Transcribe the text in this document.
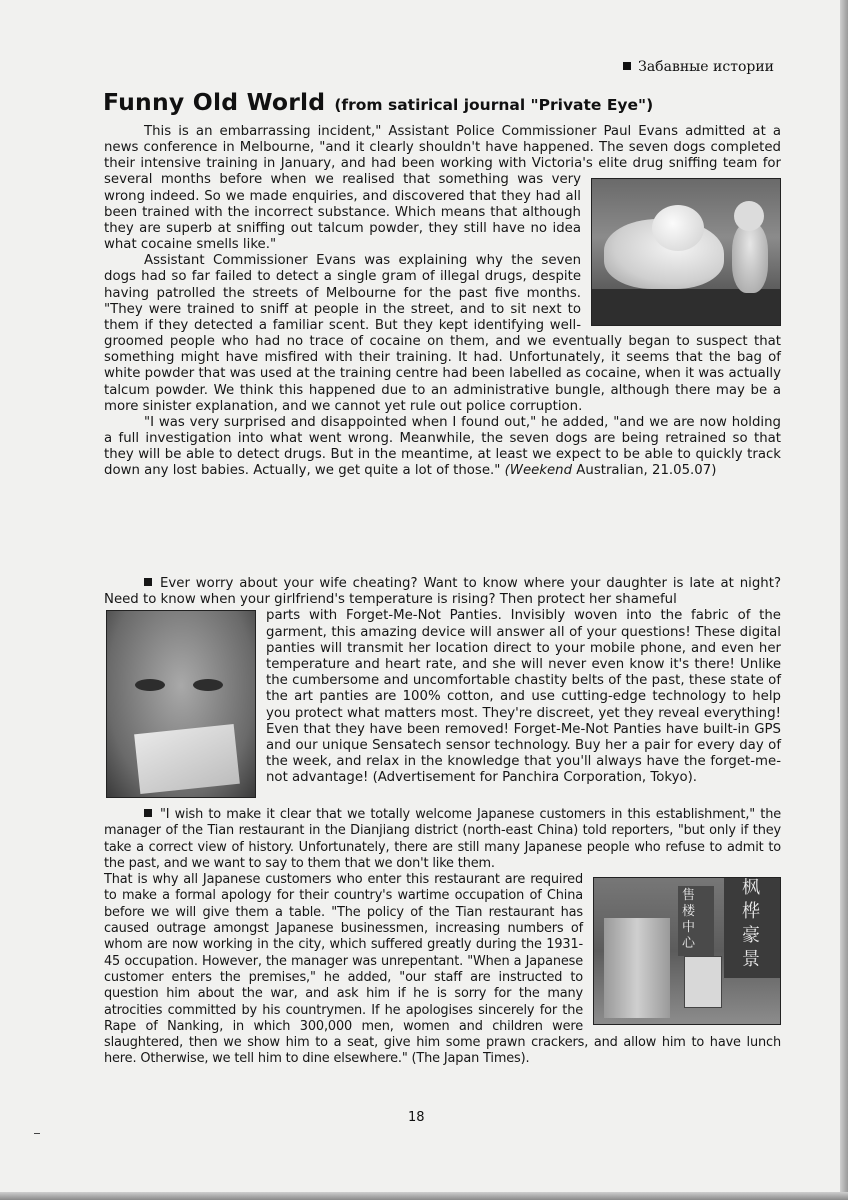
Забавные истории
Funny Old World (from satirical journal "Private Eye")

This is an embarrassing incident," Assistant Police Commissioner Paul Evans admitted at a news conference in Melbourne, "and it clearly shouldn't have happened. The seven dogs completed their intensive training in January, and had been working with Victoria's elite drug sniffing team for several months before when we realised that something was very wrong indeed. So we made enquiries, and discovered that they had all been trained with the incorrect substance. Which means that although they are superb at sniffing out talcum powder, they still have no idea what cocaine smells like."

Assistant Commissioner Evans was explaining why the seven dogs had so far failed to detect a single gram of illegal drugs, despite having patrolled the streets of Melbourne for the past five months. "They were trained to sniff at people in the street, and to sit next to them if they detected a familiar scent. But they kept identifying well-groomed people who had no trace of cocaine on them, and we eventually began to suspect that something might have misfired with their training. It had. Unfortunately, it seems that the bag of white powder that was used at the training centre had been labelled as cocaine, when it was actually talcum powder. We think this happened due to an administrative bungle, although there may be a more sinister explanation, and we cannot yet rule out police corruption.

"I was very surprised and disappointed when I found out," he added, "and we are now holding a full investigation into what went wrong. Meanwhile, the seven dogs are being retrained so that they will be able to detect drugs. But in the meantime, at least we expect to be able to quickly track down any lost babies. Actually, we get quite a lot of those." (Weekend Australian, 21.05.07)

Ever worry about your wife cheating? Want to know where your daughter is late at night? Need to know when your girlfriend's temperature is rising? Then protect her shameful

parts with Forget-Me-Not Panties. Invisibly woven into the fabric of the garment, this amazing device will answer all of your questions! These digital panties will transmit her location direct to your mobile phone, and even her temperature and heart rate, and she will never even know it's there! Unlike the cumbersome and uncomfortable chastity belts of the past, these state of the art panties are 100% cotton, and use cutting-edge technology to help you protect what matters most. They're discreet, yet they reveal everything! Even that they have been removed! Forget-Me-Not Panties have built-in GPS and our unique Sensatech sensor technology. Buy her a pair for every day of the week, and relax in the knowledge that you'll always have the forget-me-not advantage! (Advertisement for Panchira Corporation, Tokyo).

"I wish to make it clear that we totally welcome Japanese customers in this establishment," the manager of the Tian restaurant in the Dianjiang district (north-east China) told reporters, "but only if they take a correct view of history. Unfortunately, there are still many Japanese people who refuse to admit to the past, and we want to say to them that we don't like them.

售楼中心
枫
桦
豪
景

That is why all Japanese customers who enter this restaurant are required to make a formal apology for their country's wartime occupation of China before we will give them a table. "The policy of the Tian restaurant has caused outrage amongst Japanese businessmen, increasing numbers of whom are now working in the city, which suffered greatly during the 1931-45 occupation. However, the manager was unrepentant. "When a Japanese customer enters the premises," he added, "our staff are instructed to question him about the war, and ask him if he is sorry for the many atrocities committed by his countrymen. If he apologises sincerely for the Rape of Nanking, in which 300,000 men, women and children were slaughtered, then we show him to a seat, give him some prawn crackers, and allow him to have lunch here. Otherwise, we tell him to dine elsewhere." (The Japan Times).

18
